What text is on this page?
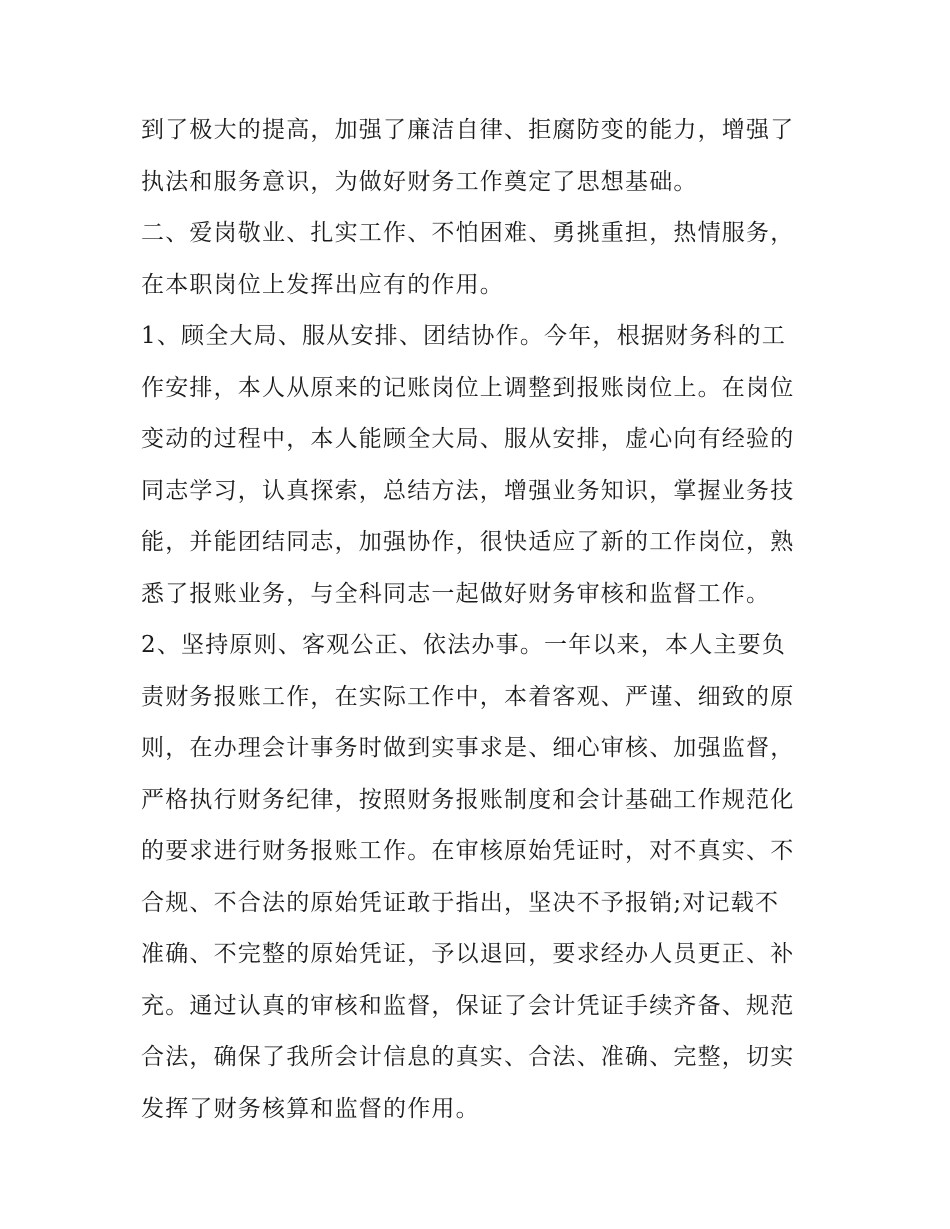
到了极大的提高，加强了廉洁自律、拒腐防变的能力，增强了
执法和服务意识，为做好财务工作奠定了思想基础。
二、爱岗敬业、扎实工作、不怕困难、勇挑重担，热情服务，
在本职岗位上发挥出应有的作用。
1、顾全大局、服从安排、团结协作。今年，根据财务科的工
作安排，本人从原来的记账岗位上调整到报账岗位上。在岗位
变动的过程中，本人能顾全大局、服从安排，虚心向有经验的
同志学习，认真探索，总结方法，增强业务知识，掌握业务技
能，并能团结同志，加强协作，很快适应了新的工作岗位，熟
悉了报账业务，与全科同志一起做好财务审核和监督工作。
2、坚持原则、客观公正、依法办事。一年以来，本人主要负
责财务报账工作，在实际工作中，本着客观、严谨、细致的原
则，在办理会计事务时做到实事求是、细心审核、加强监督，
严格执行财务纪律，按照财务报账制度和会计基础工作规范化
的要求进行财务报账工作。在审核原始凭证时，对不真实、不
合规、不合法的原始凭证敢于指出，坚决不予报销;对记载不
准确、不完整的原始凭证，予以退回，要求经办人员更正、补
充。通过认真的审核和监督，保证了会计凭证手续齐备、规范
合法，确保了我所会计信息的真实、合法、准确、完整，切实
发挥了财务核算和监督的作用。
